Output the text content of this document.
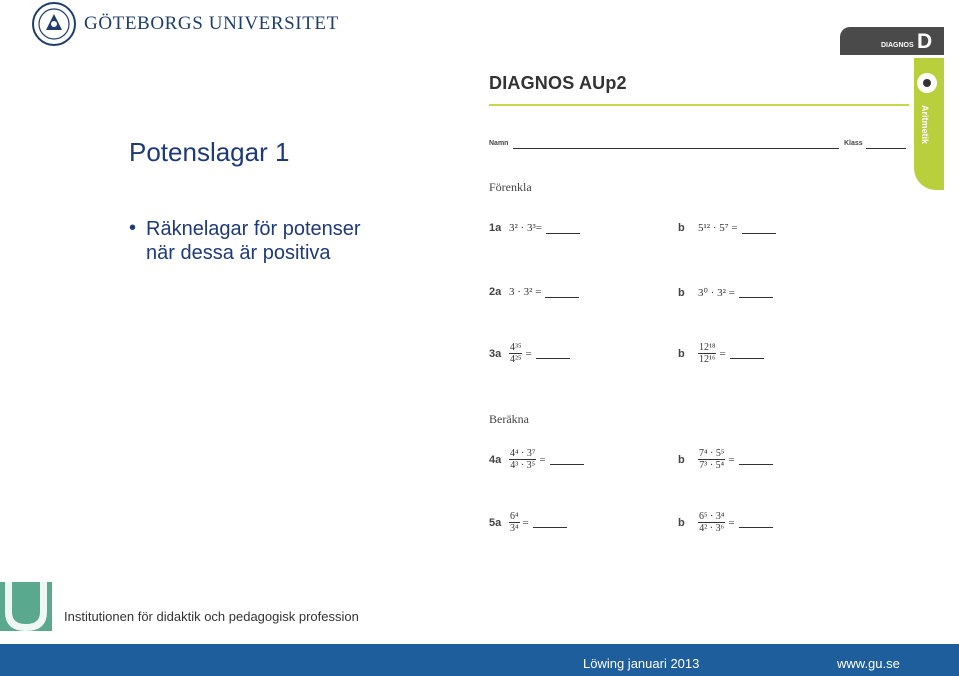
GÖTEBORGS UNIVERSITET
Potenslagar 1
• Räknelagar för potenser när dessa är positiva
DIAGNOS D
DIAGNOS AUp2
Aritmetik
Namn	Klass
Förenkla
Beräkna
1a 3² · 3³=	b	5¹² · 5⁷ =
2a 3 · 3² =	b	3⁰ · 3² =
$3a \frac{\text{4³⁵}}{\text{4²⁵}}$ =	b	$\frac{\text{12¹⁸}}{\text{12¹⁶}}$ =
$4a \frac{\text{4⁴ · 3⁷}}{\text{4³ · 3⁵}}$ =	b	$\frac{\text{7⁴ · 5⁵}}{\text{7³ · 5⁴}}$ =
$5a \frac{\text{6⁴}}{\text{3⁴}}$ =	b	$\frac{\text{6⁵ · 3⁴}}{\text{4² · 3⁶}}$ =
Institutionen för didaktik och pedagogisk profession
Löwing januari 2013	www.gu.se
